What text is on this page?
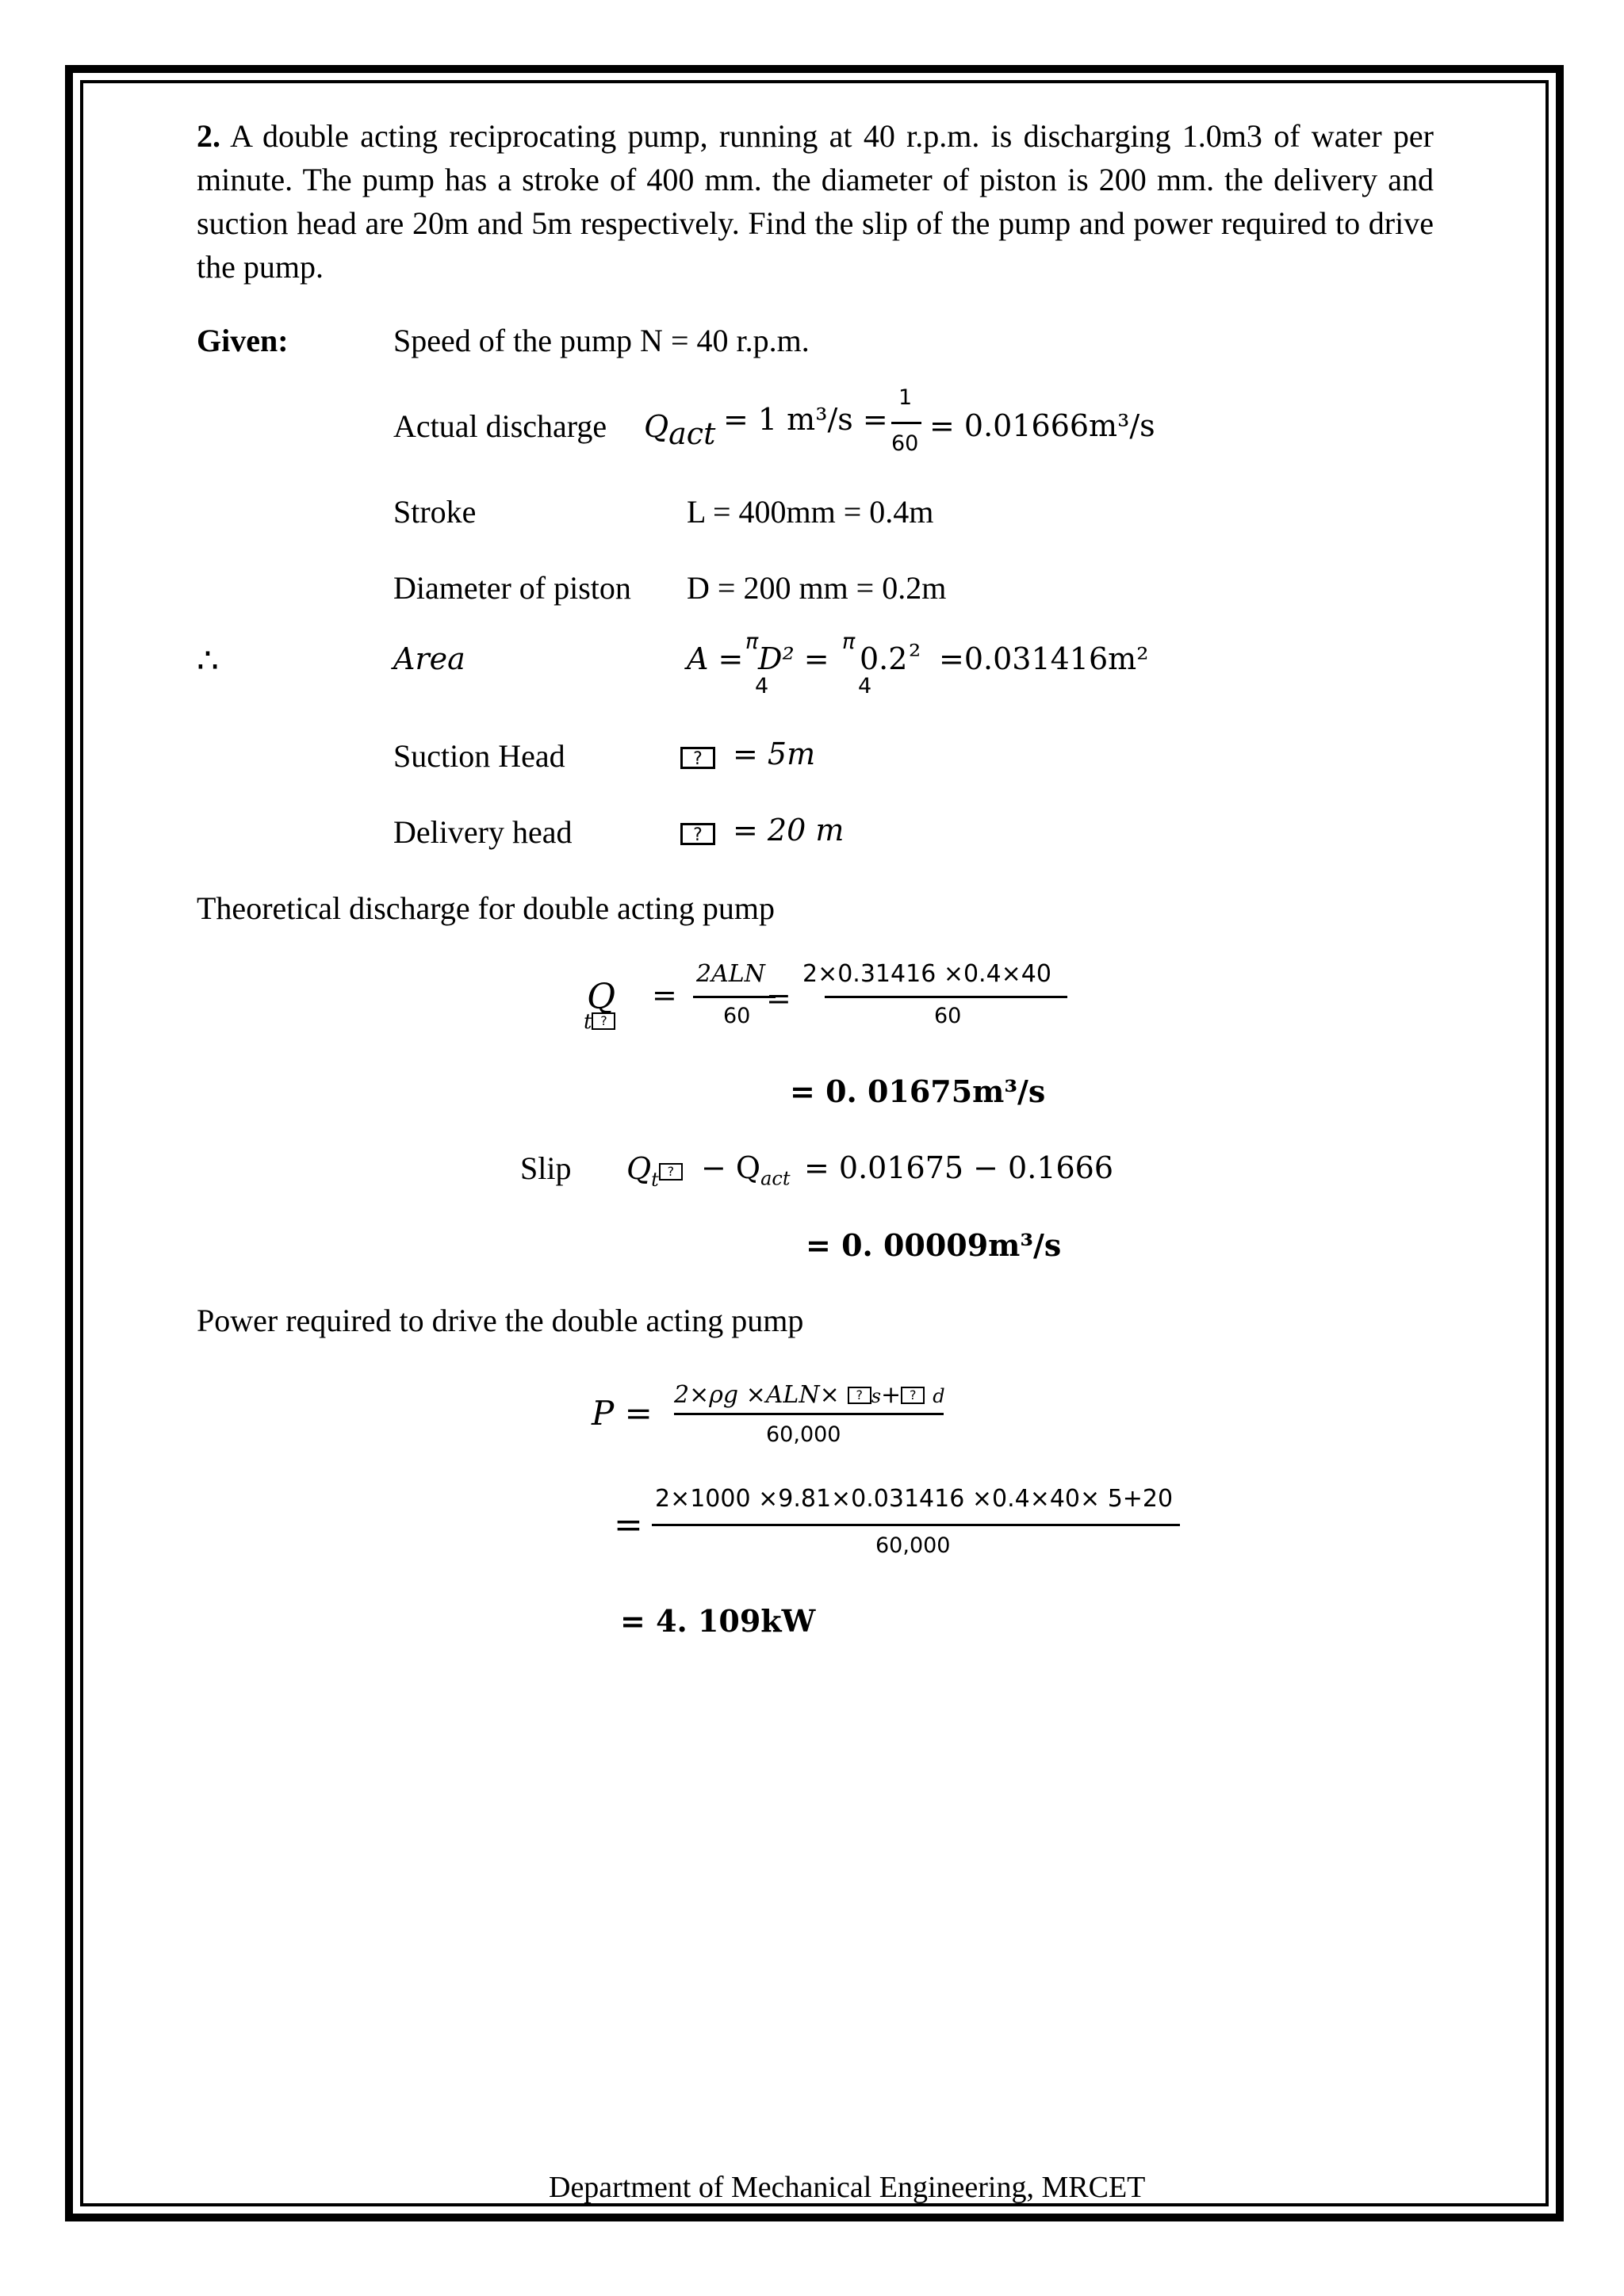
2. A double acting reciprocating pump, running at 40 r.p.m. is discharging 1.0m3 of water per minute. The pump has a stroke of 400 mm. the diameter of piston is 200 mm. the delivery and suction head are 20m and 5m respectively. Find the slip of the pump and power required to drive the pump.
Given:	Speed of the pump N = 40 r.p.m.
Actual discharge $Q_{act} = 1$ m³/s =
1
60
= 0.01666m³/s
Stroke	L = 400mm = 0.4m
Diameter of piston D = 200 mm = 0.2m
∴	Area	A = π D² = π 0.2 ² =0.031416m²
4	4
Suction Head	?	= 5m
Delivery head	?	= 20 m
Theoretical discharge for double acting pump
Q
t ?
=
2ALN
60
=
2×0.31416 ×0.4×40
60
= 0. 01675m³/s
Slip $Q_t$ ? − $Q_{act} = 0.01675 - 0.1666$
= 0. 00009m³/s
Power required to drive the double acting pump
P = 2×ρg ×ALN× ? s+ ? d
60,000
=
2×1000 ×9.81×0.031416 ×0.4×40× 5+20
60,000
= 4. 109kW
Department of Mechanical Engineering, MRCET
